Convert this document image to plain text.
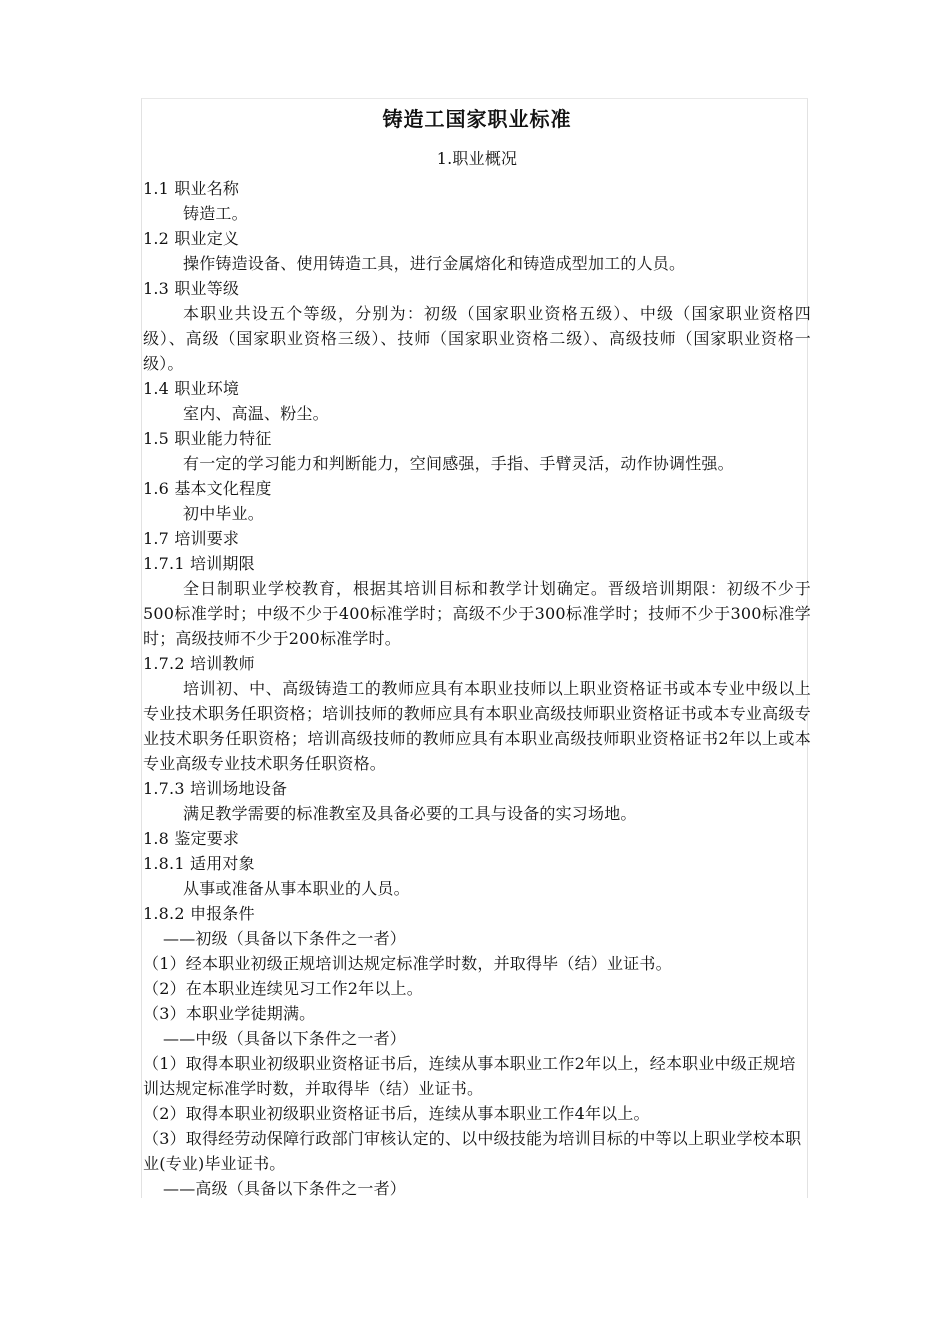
铸造工国家职业标准
1.职业概况
1.1 职业名称
铸造工。
1.2 职业定义
操作铸造设备、使用铸造工具，进行金属熔化和铸造成型加工的人员。
1.3 职业等级
本职业共设五个等级，分别为：初级（国家职业资格五级）、中级（国家职业资格四级）、高级（国家职业资格三级）、技师（国家职业资格二级）、高级技师（国家职业资格一级）。
1.4 职业环境
室内、高温、粉尘。
1.5 职业能力特征
有一定的学习能力和判断能力，空间感强，手指、手臂灵活，动作协调性强。
1.6 基本文化程度
初中毕业。
1.7 培训要求
1.7.1 培训期限
全日制职业学校教育，根据其培训目标和教学计划确定。晋级培训期限：初级不少于500标准学时；中级不少于400标准学时；高级不少于300标准学时；技师不少于300标准学时；高级技师不少于200标准学时。
1.7.2 培训教师
培训初、中、高级铸造工的教师应具有本职业技师以上职业资格证书或本专业中级以上专业技术职务任职资格；培训技师的教师应具有本职业高级技师职业资格证书或本专业高级专业技术职务任职资格；培训高级技师的教师应具有本职业高级技师职业资格证书2年以上或本专业高级专业技术职务任职资格。
1.7.3 培训场地设备
满足教学需要的标准教室及具备必要的工具与设备的实习场地。
1.8 鉴定要求
1.8.1 适用对象
从事或准备从事本职业的人员。
1.8.2 申报条件
——初级（具备以下条件之一者）
（1）经本职业初级正规培训达规定标准学时数，并取得毕（结）业证书。
（2）在本职业连续见习工作2年以上。
（3）本职业学徒期满。
——中级（具备以下条件之一者）
（1）取得本职业初级职业资格证书后，连续从事本职业工作2年以上，经本职业中级正规培训达规定标准学时数，并取得毕（结）业证书。
（2）取得本职业初级职业资格证书后，连续从事本职业工作4年以上。
（3）取得经劳动保障行政部门审核认定的、以中级技能为培训目标的中等以上职业学校本职业(专业)毕业证书。
——高级（具备以下条件之一者）
